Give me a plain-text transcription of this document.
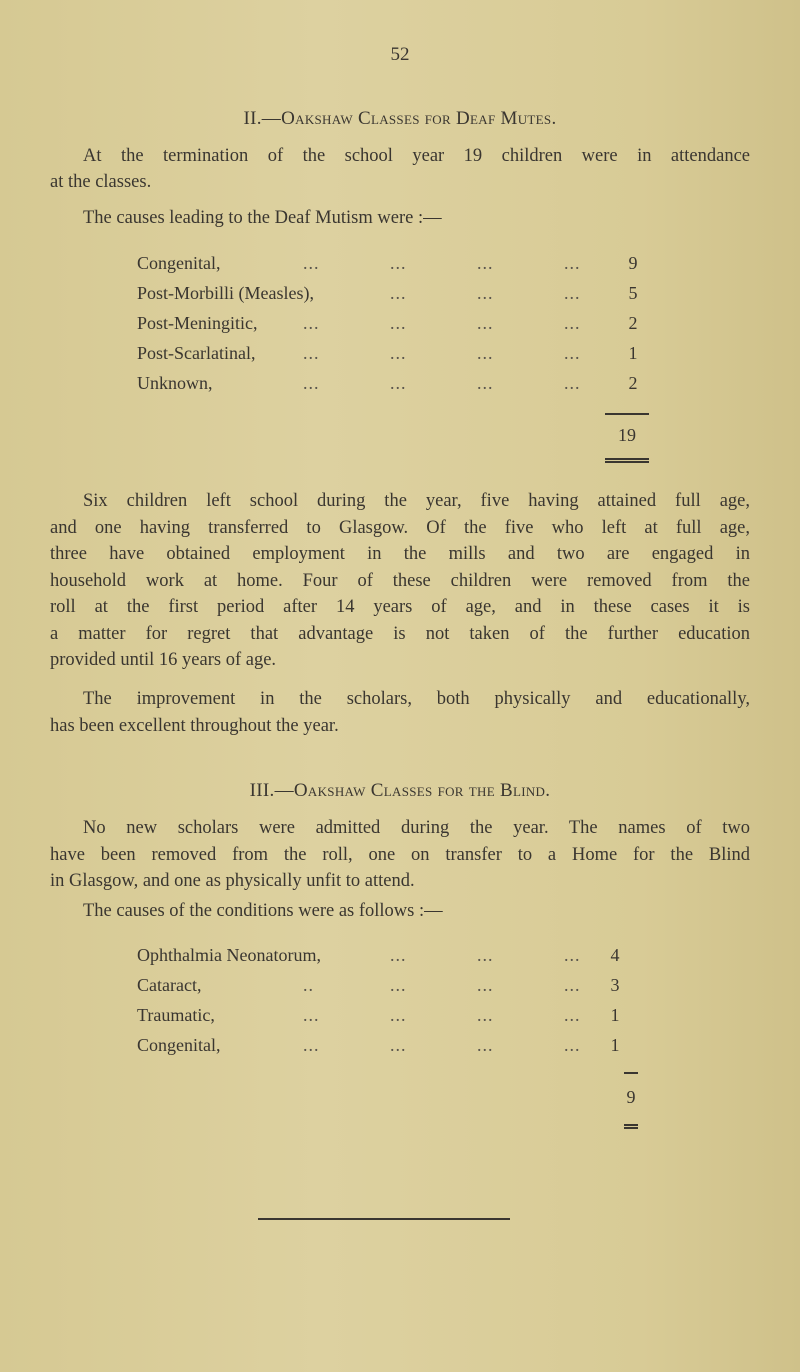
52
II.—Oakshaw Classes for Deaf Mutes.
At the termination of the school year 19 children were in attendance
at the classes.
The causes leading to the Deaf Mutism were :—
Congenital,	...	...	...	...	9
Post-Morbilli (Measles),	...	...	...	5
Post-Meningitic,	...	...	...	...	2
Post-Scarlatinal,	...	...	...	...	1
Unknown,	...	...	...	...	2
19
Six children left school during the year, five having attained full age,
and one having transferred to Glasgow. Of the five who left at full age,
three have obtained employment in the mills and two are engaged in
household work at home. Four of these children were removed from the
roll at the first period after 14 years of age, and in these cases it is
a matter for regret that advantage is not taken of the further education
provided until 16 years of age.
The improvement in the scholars, both physically and educationally,
has been excellent throughout the year.
III.—Oakshaw Classes for the Blind.
No new scholars were admitted during the year. The names of two
have been removed from the roll, one on transfer to a Home for the Blind
in Glasgow, and one as physically unfit to attend.
The causes of the conditions were as follows :—
Ophthalmia Neonatorum,	...	...	...	4
Cataract,	..	...	...	...	3
Traumatic,	...	...	...	...	1
Congenital,	...	...	...	...	1
9
